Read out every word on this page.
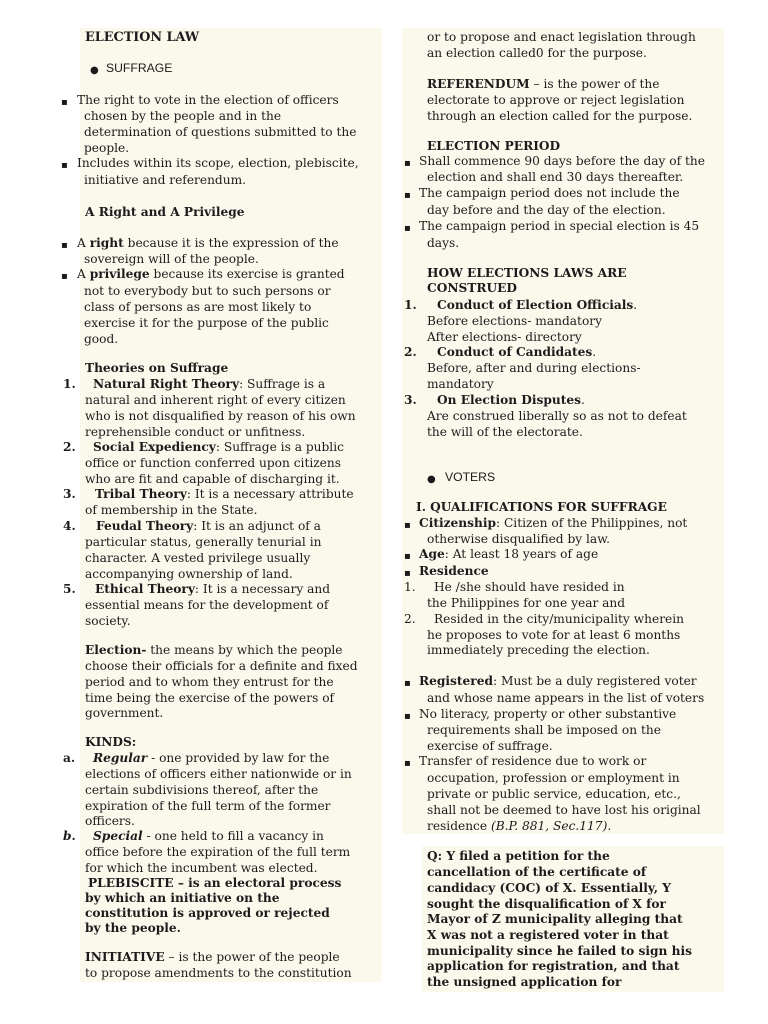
ELECTION LAW
● SUFFRAGE
▪ The right to vote in the election of officers
chosen by the people and in the
determination of questions submitted to the
people.
▪ Includes within its scope, election, plebiscite,
initiative and referendum.
A Right and A Privilege
▪ A right because it is the expression of the
sovereign will of the people.
▪ A privilege because its exercise is granted
not to everybody but to such persons or
class of persons as are most likely to
exercise it for the purpose of the public
good.
Theories on Suffrage
1. Natural Right Theory: Suffrage is a
natural and inherent right of every citizen
who is not disqualified by reason of his own
reprehensible conduct or unfitness.
2. Social Expediency: Suffrage is a public
office or function conferred upon citizens
who are fit and capable of discharging it.
3. Tribal Theory: It is a necessary attribute
of membership in the State.
4. Feudal Theory: It is an adjunct of a
particular status, generally tenurial in
character. A vested privilege usually
accompanying ownership of land.
5. Ethical Theory: It is a necessary and
essential means for the development of
society.
Election- the means by which the people
choose their officials for a definite and fixed
period and to whom they entrust for the
time being the exercise of the powers of
government.
KINDS:
a. Regular - one provided by law for the
elections of officers either nationwide or in
certain subdivisions thereof, after the
expiration of the full term of the former
officers.
b. Special - one held to fill a vacancy in
office before the expiration of the full term
for which the incumbent was elected.
PLEBISCITE – is an electoral process
by which an initiative on the
constitution is approved or rejected
by the people.
INITIATIVE – is the power of the people
to propose amendments to the constitution
or to propose and enact legislation through
an election called0 for the purpose.
REFERENDUM – is the power of the
electorate to approve or reject legislation
through an election called for the purpose.
ELECTION PERIOD
▪ Shall commence 90 days before the day of the
election and shall end 30 days thereafter.
▪ The campaign period does not include the
day before and the day of the election.
▪ The campaign period in special election is 45
days.
HOW ELECTIONS LAWS ARE
CONSTRUED
1. Conduct of Election Officials.
Before elections- mandatory
After elections- directory
2. Conduct of Candidates.
Before, after and during elections-
mandatory
3. On Election Disputes.
Are construed liberally so as not to defeat
the will of the electorate.
● VOTERS
I. QUALIFICATIONS FOR SUFFRAGE
▪ Citizenship: Citizen of the Philippines, not
otherwise disqualified by law.
▪ Age: At least 18 years of age
▪ Residence
1. He /she should have resided in
the Philippines for one year and
2. Resided in the city/municipality wherein
he proposes to vote for at least 6 months
immediately preceding the election.
▪ Registered: Must be a duly registered voter
and whose name appears in the list of voters
▪ No literacy, property or other substantive
requirements shall be imposed on the
exercise of suffrage.
▪ Transfer of residence due to work or
occupation, profession or employment in
private or public service, education, etc.,
shall not be deemed to have lost his original
residence (B.P. 881, Sec.117).
Q: Y filed a petition for the
cancellation of the certificate of
candidacy (COC) of X. Essentially, Y
sought the disqualification of X for
Mayor of Z municipality alleging that
X was not a registered voter in that
municipality since he failed to sign his
application for registration, and that
the unsigned application for
